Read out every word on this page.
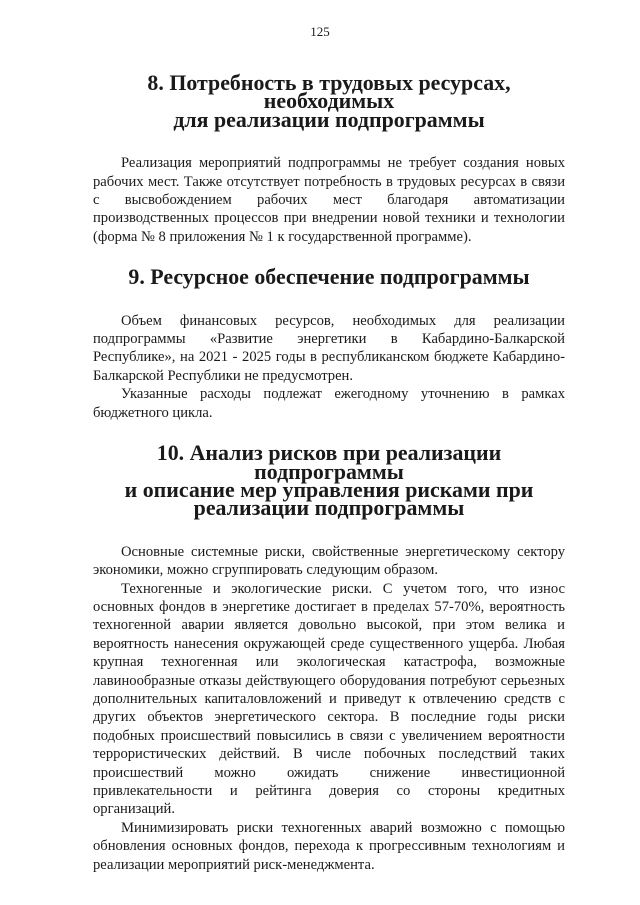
125
8. Потребность в трудовых ресурсах, необходимых
для реализации подпрограммы

Реализация мероприятий подпрограммы не требует создания новых рабочих мест. Также отсутствует потребность в трудовых ресурсах в связи с высвобождением рабочих мест благодаря автоматизации производственных процессов при внедрении новой техники и технологии (форма № 8 приложения № 1 к государственной программе).

9. Ресурсное обеспечение подпрограммы

Объем финансовых ресурсов, необходимых для реализации подпрограммы «Развитие энергетики в Кабардино-Балкарской Республике», на 2021 - 2025 годы в республиканском бюджете Кабардино-Балкарской Республики не предусмотрен.

Указанные расходы подлежат ежегодному уточнению в рамках бюджетного цикла.

10. Анализ рисков при реализации подпрограммы
и описание мер управления рисками при реализации подпрограммы

Основные системные риски, свойственные энергетическому сектору экономики, можно сгруппировать следующим образом.

Техногенные и экологические риски. С учетом того, что износ основных фондов в энергетике достигает в пределах 57-70%, вероятность техногенной аварии является довольно высокой, при этом велика и вероятность нанесения окружающей среде существенного ущерба. Любая крупная техногенная или экологическая катастрофа, возможные лавинообразные отказы действующего оборудования потребуют серьезных дополнительных капиталовложений и приведут к отвлечению средств с других объектов энергетического сектора. В последние годы риски подобных происшествий повысились в связи с увеличением вероятности террористических действий. В числе побочных последствий таких происшествий можно ожидать снижение инвестиционной привлекательности и рейтинга доверия со стороны кредитных организаций.

Минимизировать риски техногенных аварий возможно с помощью обновления основных фондов, перехода к прогрессивным технологиям и реализации мероприятий риск-менеджмента.
